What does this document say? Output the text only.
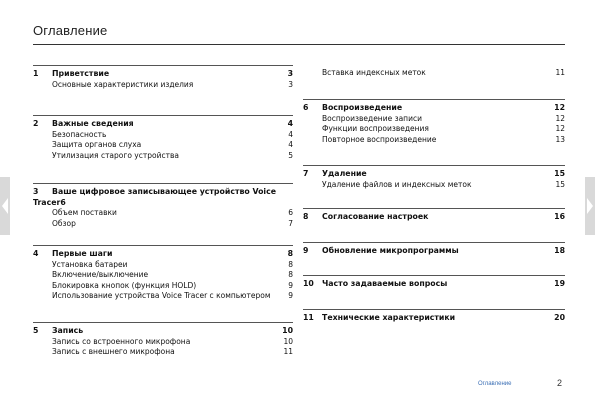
Оглавление
1	Приветствие	3
Основные характеристики изделия	3
2	Важные сведения	4
Безопасность	4
Защита органов слуха	4
Утилизация старого устройства	5
3	Ваше цифровое записывающее устройство Voice
Tracer6
Объем поставки	6
Обзор	7
4	Первые шаги	8
Установка батареи	8
Включение/выключение	8
Блокировка кнопок (функция HOLD)	9
Использование устройства Voice Tracer с компьютером	9
5	Запись	10
Запись со встроенного микрофона	10
Запись с внешнего микрофона	11
Вставка индексных меток	11
6	Воспроизведение	12
Воспроизведение записи	12
Функции воспроизведения	12
Повторное воспроизведение	13
7	Удаление	15
Удаление файлов и индексных меток	15
8	Согласование настроек	16
9	Обновление микропрограммы	18
10	Часто задаваемые вопросы	19
11	Технические характеристики	20
Оглавление	2
